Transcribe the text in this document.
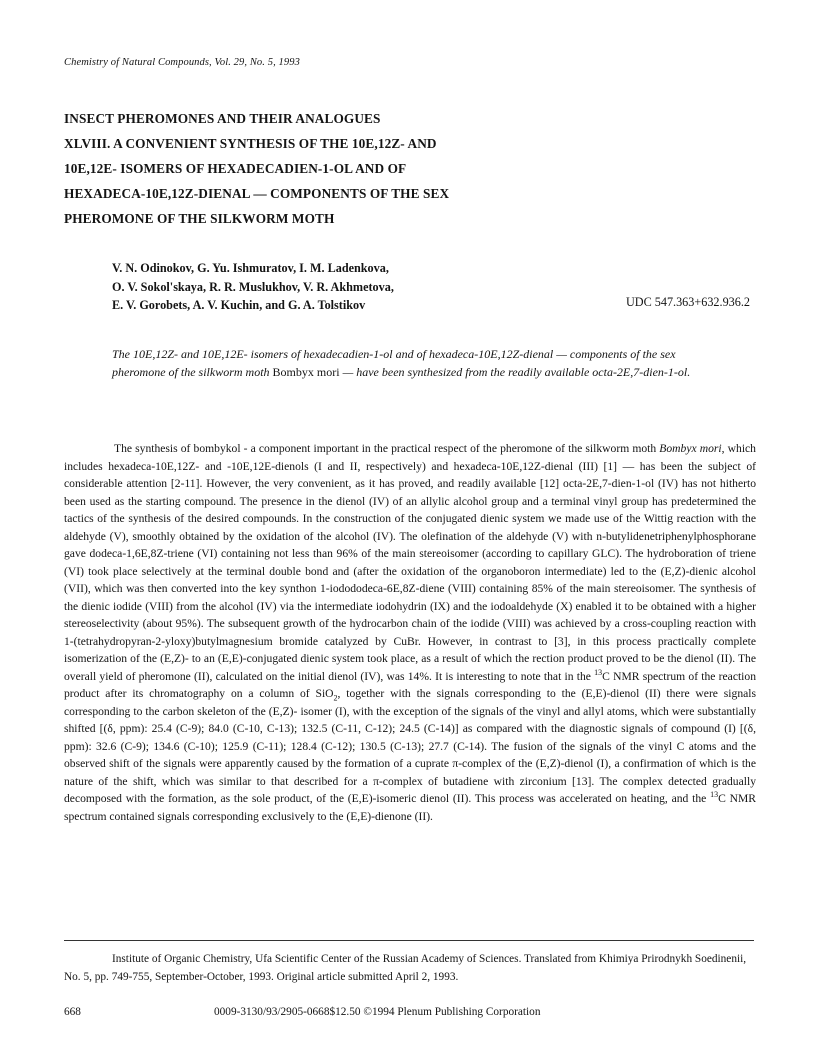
Chemistry of Natural Compounds, Vol. 29, No. 5, 1993
INSECT PHEROMONES AND THEIR ANALOGUES
XLVIII. A CONVENIENT SYNTHESIS OF THE 10E,12Z- AND
10E,12E- ISOMERS OF HEXADECADIEN-1-OL AND OF
HEXADECA-10E,12Z-DIENAL — COMPONENTS OF THE SEX
PHEROMONE OF THE SILKWORM MOTH
V. N. Odinokov, G. Yu. Ishmuratov, I. M. Ladenkova,
O. V. Sokol'skaya, R. R. Muslukhov, V. R. Akhmetova,
E. V. Gorobets, A. V. Kuchin, and G. A. Tolstikov	UDC 547.363+632.936.2

The 10E,12Z- and 10E,12E- isomers of hexadecadien-1-ol and of hexadeca-10E,12Z-dienal — components of the sex pheromone of the silkworm moth Bombyx mori — have been synthesized from the readily available octa-2E,7-dien-1-ol.

The synthesis of bombykol - a component important in the practical respect of the pheromone of the silkworm moth Bombyx mori, which includes hexadeca-10E,12Z- and -10E,12E-dienols (I and II, respectively) and hexadeca-10E,12Z-dienal (III) [1] — has been the subject of considerable attention [2-11]. However, the very convenient, as it has proved, and readily available [12] octa-2E,7-dien-1-ol (IV) has not hitherto been used as the starting compound. The presence in the dienol (IV) of an allylic alcohol group and a terminal vinyl group has predetermined the tactics of the synthesis of the desired compounds. In the construction of the conjugated dienic system we made use of the Wittig reaction with the aldehyde (V), smoothly obtained by the oxidation of the alcohol (IV). The olefination of the aldehyde (V) with n-butylidenetriphenylphosphorane gave dodeca-1,6E,8Z-triene (VI) containing not less than 96% of the main stereoisomer (according to capillary GLC). The hydroboration of triene (VI) took place selectively at the terminal double bond and (after the oxidation of the organoboron intermediate) led to the (E,Z)-dienic alcohol (VII), which was then converted into the key synthon 1-iodododeca-6E,8Z-diene (VIII) containing 85% of the main stereoisomer. The synthesis of the dienic iodide (VIII) from the alcohol (IV) via the intermediate iodohydrin (IX) and the iodoaldehyde (X) enabled it to be obtained with a higher stereoselectivity (about 95%). The subsequent growth of the hydrocarbon chain of the iodide (VIII) was achieved by a cross-coupling reaction with 1-(tetrahydropyran-2-yloxy)butylmagnesium bromide catalyzed by CuBr. However, in contrast to [3], in this process practically complete isomerization of the (E,Z)- to an (E,E)-conjugated dienic system took place, as a result of which the rection product proved to be the dienol (II). The overall yield of pheromone (II), calculated on the initial dienol (IV), was 14%. It is interesting to note that in the $^{13}$C NMR spectrum of the reaction product after its chromatography on a column of SiO$_2$, together with the signals corresponding to the (E,E)-dienol (II) there were signals corresponding to the carbon skeleton of the (E,Z)- isomer (I), with the exception of the signals of the vinyl and allyl atoms, which were substantially shifted [(δ, ppm): 25.4 (C-9); 84.0 (C-10, C-13); 132.5 (C-11, C-12); 24.5 (C-14)] as compared with the diagnostic signals of compound (I) [(δ, ppm): 32.6 (C-9); 134.6 (C-10); 125.9 (C-11); 128.4 (C-12); 130.5 (C-13); 27.7 (C-14). The fusion of the signals of the vinyl C atoms and the observed shift of the signals were apparently caused by the formation of a cuprate π-complex of the (E,Z)-dienol (I), a confirmation of which is the nature of the shift, which was similar to that described for a π-complex of butadiene with zirconium [13]. The complex detected gradually decomposed with the formation, as the sole product, of the (E,E)-isomeric dienol (II). This process was accelerated on heating, and the $^{13}$C NMR spectrum contained signals corresponding exclusively to the (E,E)-dienone (II).

Institute of Organic Chemistry, Ufa Scientific Center of the Russian Academy of Sciences. Translated from Khimiya Prirodnykh Soedinenii, No. 5, pp. 749-755, September-October, 1993. Original article submitted April 2, 1993.

668	0009-3130/93/2905-0668$12.50 ©1994 Plenum Publishing Corporation
